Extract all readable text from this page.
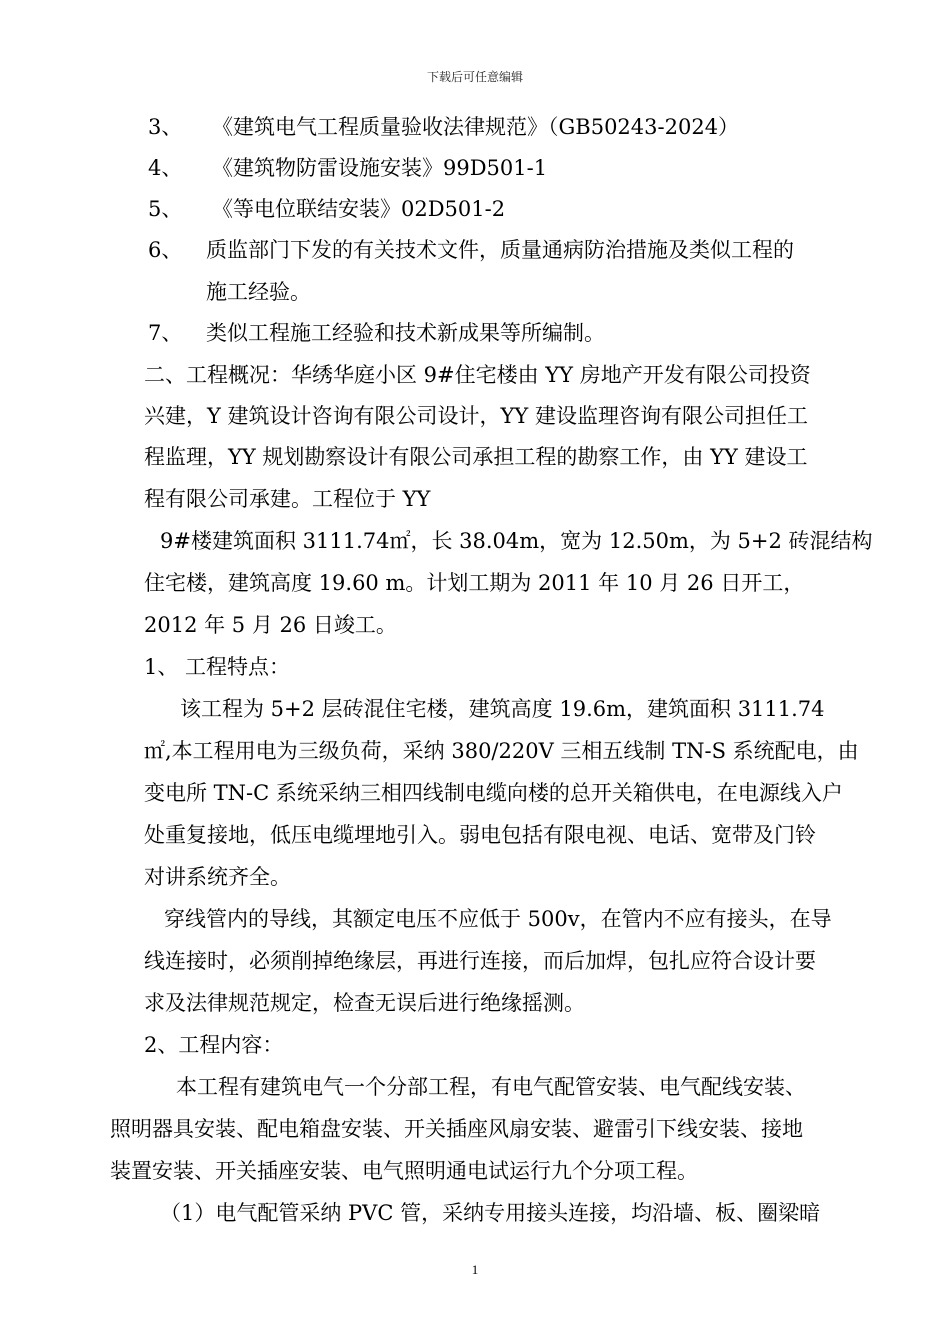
下载后可任意编辑
3、 《建筑电气工程质量验收法律规范》（GB50243-2024）
4、 《建筑物防雷设施安装》99D501-1
5、 《等电位联结安装》02D501-2
6、 质监部门下发的有关技术文件，质量通病防治措施及类似工程的
施工经验。
7、 类似工程施工经验和技术新成果等所编制。
二、工程概况：华绣华庭小区 9#住宅楼由 YY 房地产开发有限公司投资
兴建，Y 建筑设计咨询有限公司设计，YY 建设监理咨询有限公司担任工
程监理，YY 规划勘察设计有限公司承担工程的勘察工作，由 YY 建设工
程有限公司承建。工程位于 YY
9#楼建筑面积 3111.74㎡，长 38.04m，宽为 12.50m，为 5+2 砖混结构
住宅楼，建筑高度 19.60 m。计划工期为 2011 年 10 月 26 日开工，
2012 年 5 月 26 日竣工。
1、 工程特点：
该工程为 5+2 层砖混住宅楼，建筑高度 19.6m，建筑面积 3111.74
㎡,本工程用电为三级负荷，采纳 380/220V 三相五线制 TN-S 系统配电，由
变电所 TN-C 系统采纳三相四线制电缆向楼的总开关箱供电，在电源线入户
处重复接地，低压电缆埋地引入。弱电包括有限电视、电话、宽带及门铃
对讲系统齐全。
穿线管内的导线，其额定电压不应低于 500v，在管内不应有接头，在导
线连接时，必须削掉绝缘层，再进行连接，而后加焊，包扎应符合设计要
求及法律规范规定，检查无误后进行绝缘摇测。
2、工程内容：
本工程有建筑电气一个分部工程，有电气配管安装、电气配线安装、
照明器具安装、配电箱盘安装、开关插座风扇安装、避雷引下线安装、接地
装置安装、开关插座安装、电气照明通电试运行九个分项工程。
（1）电气配管采纳 PVC 管，采纳专用接头连接，均沿墙、板、圈梁暗
1
